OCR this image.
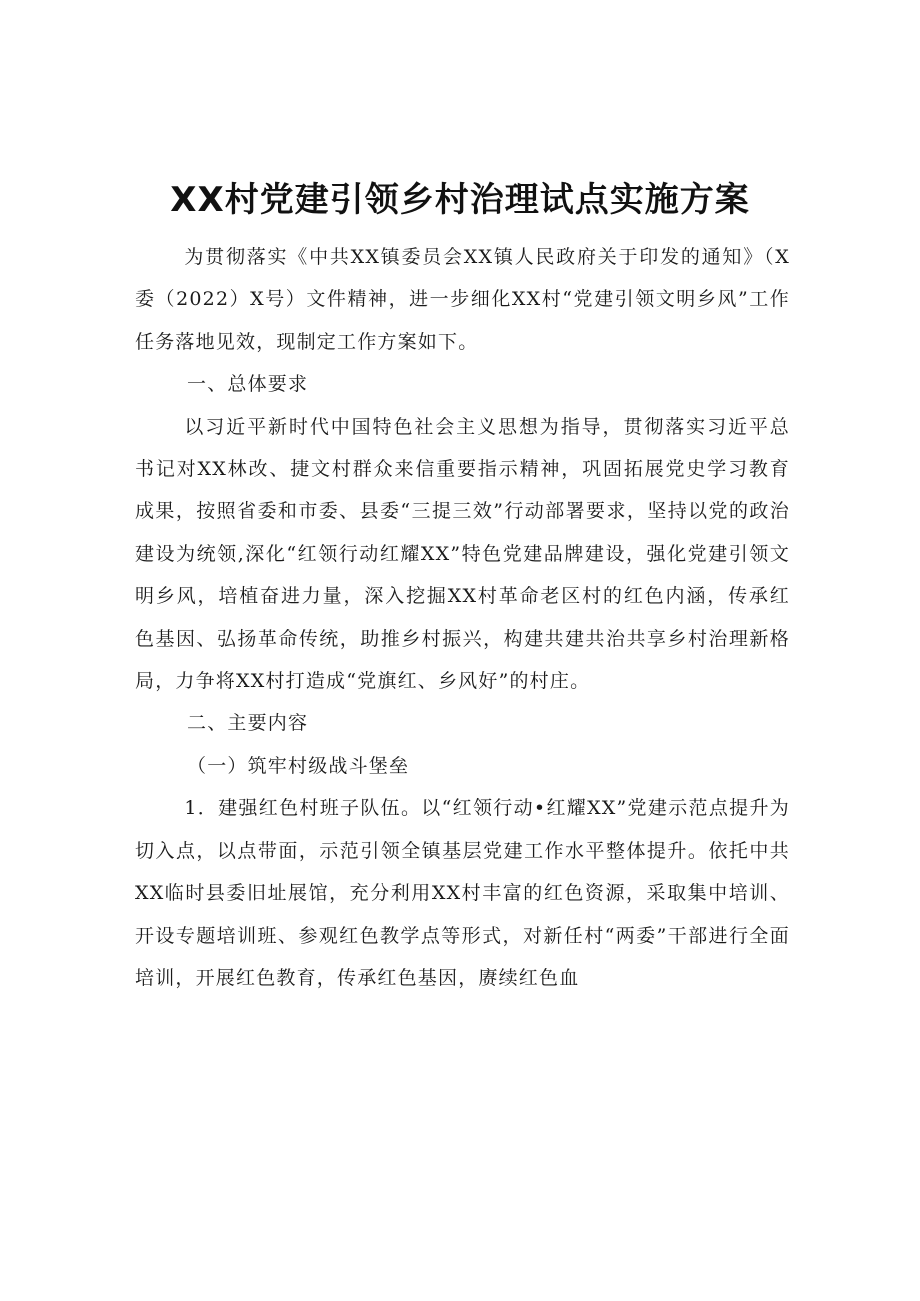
XX村党建引领乡村治理试点实施方案

为贯彻落实《中共XX镇委员会XX镇人民政府关于印发的通知》（X委（2022）X号）文件精神，进一步细化XX村“党建引领文明乡风”工作任务落地见效，现制定工作方案如下。

一、总体要求

以习近平新时代中国特色社会主义思想为指导，贯彻落实习近平总书记对XX林改、捷文村群众来信重要指示精神，巩固拓展党史学习教育成果，按照省委和市委、县委“三提三效”行动部署要求，坚持以党的政治建设为统领,深化“红领行动红耀XX”特色党建品牌建设，强化党建引领文明乡风，培植奋进力量，深入挖掘XX村革命老区村的红色内涵，传承红色基因、弘扬革命传统，助推乡村振兴，构建共建共治共享乡村治理新格局，力争将XX村打造成“党旗红、乡风好”的村庄。

二、主要内容

（一）筑牢村级战斗堡垒

1．建强红色村班子队伍。以“红领行动•红耀XX”党建示范点提升为切入点，以点带面，示范引领全镇基层党建工作水平整体提升。依托中共XX临时县委旧址展馆，充分利用XX村丰富的红色资源，采取集中培训、开设专题培训班、参观红色教学点等形式，对新任村“两委”干部进行全面培训，开展红色教育，传承红色基因，赓续红色血
